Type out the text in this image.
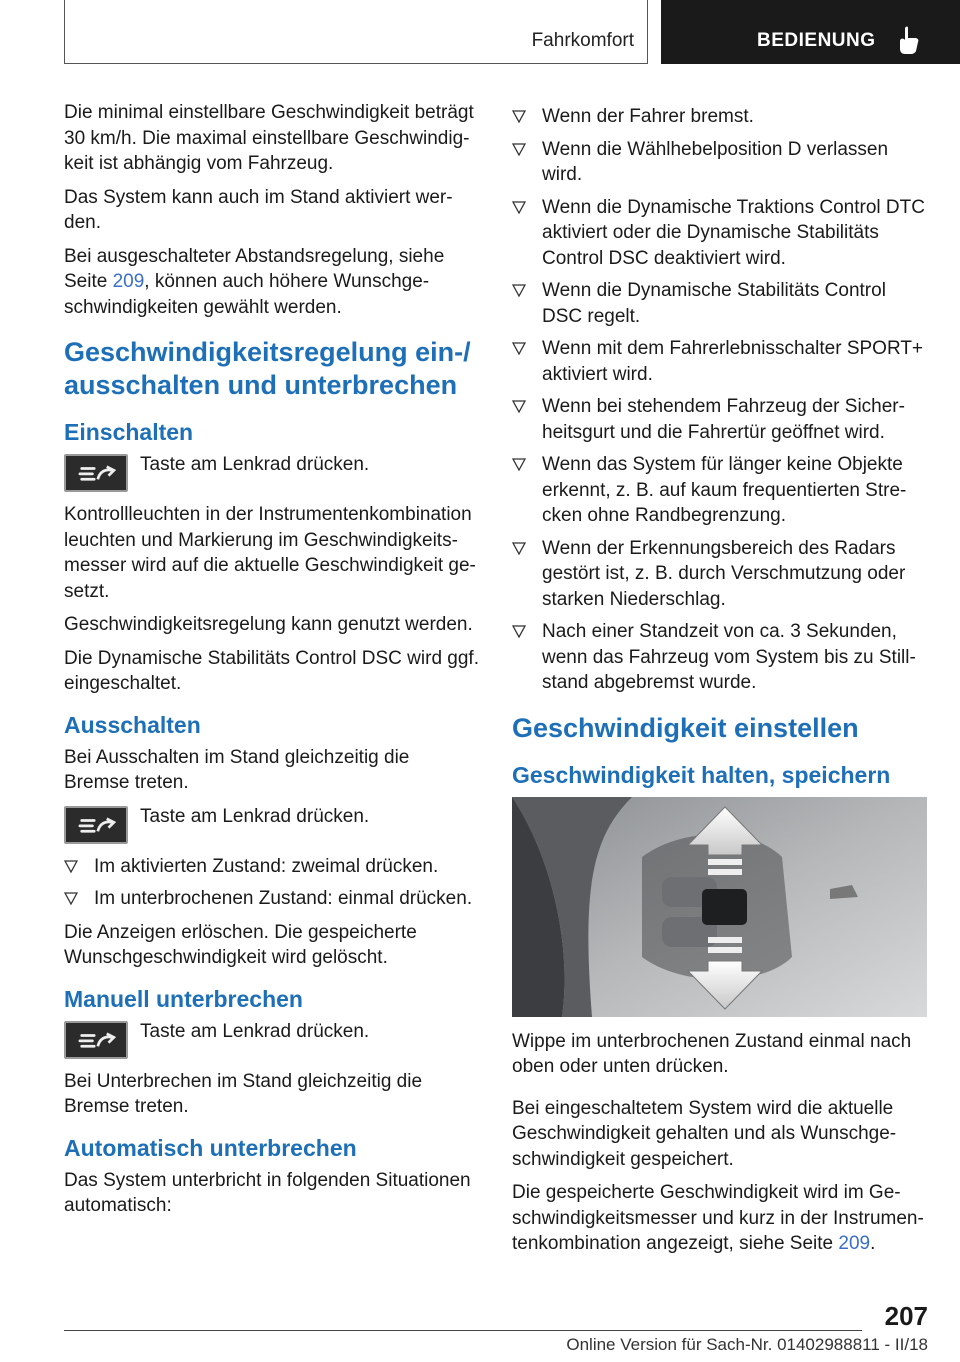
Fahrkomfort	BEDIENUNG

Die minimal einstellbare Geschwindigkeit beträgt 30 km/h. Die maximal einstellbare Geschwindig‐keit ist abhängig vom Fahrzeug.

Das System kann auch im Stand aktiviert wer‐den.

Bei ausgeschalteter Abstandsregelung, siehe Seite 209, können auch höhere Wunschge‐schwindigkeiten gewählt werden.

Geschwindigkeitsregelung ein-/ ausschalten und unterbrechen
Einschalten
Taste am Lenkrad drücken.

Kontrollleuchten in der Instrumentenkombination leuchten und Markierung im Geschwindigkeits‐messer wird auf die aktuelle Geschwindigkeit ge‐setzt.

Geschwindigkeitsregelung kann genutzt werden.

Die Dynamische Stabilitäts Control DSC wird ggf. eingeschaltet.

Ausschalten

Bei Ausschalten im Stand gleichzeitig die Bremse treten.

Taste am Lenkrad drücken.
Im aktivierten Zustand: zweimal drücken.
Im unterbrochenen Zustand: einmal drücken.

Die Anzeigen erlöschen. Die gespeicherte Wunschgeschwindigkeit wird gelöscht.

Manuell unterbrechen
Taste am Lenkrad drücken.

Bei Unterbrechen im Stand gleichzeitig die Bremse treten.

Automatisch unterbrechen

Das System unterbricht in folgenden Situationen automatisch:

Wenn der Fahrer bremst.
Wenn die Wählhebelposition D verlassen wird.
Wenn die Dynamische Traktions Control DTC aktiviert oder die Dynamische Stabilitäts Control DSC deaktiviert wird.
Wenn die Dynamische Stabilitäts Control DSC regelt.
Wenn mit dem Fahrerlebnisschalter SPORT+ aktiviert wird.
Wenn bei stehendem Fahrzeug der Sicher‐heitsgurt und die Fahrertür geöffnet wird.
Wenn das System für länger keine Objekte erkennt, z. B. auf kaum frequentierten Stre‐cken ohne Randbegrenzung.
Wenn der Erkennungsbereich des Radars gestört ist, z. B. durch Verschmutzung oder starken Niederschlag.
Nach einer Standzeit von ca. 3 Sekunden, wenn das Fahrzeug vom System bis zu Still‐stand abgebremst wurde.
Geschwindigkeit einstellen
Geschwindigkeit halten, speichern

Wippe im unterbrochenen Zustand einmal nach oben oder unten drücken.

Bei eingeschaltetem System wird die aktuelle Geschwindigkeit gehalten und als Wunschge‐schwindigkeit gespeichert.

Die gespeicherte Geschwindigkeit wird im Ge‐schwindigkeitsmesser und kurz in der Instrumen‐tenkombination angezeigt, siehe Seite 209.

207
Online Version für Sach-Nr. 01402988811 - II/18
